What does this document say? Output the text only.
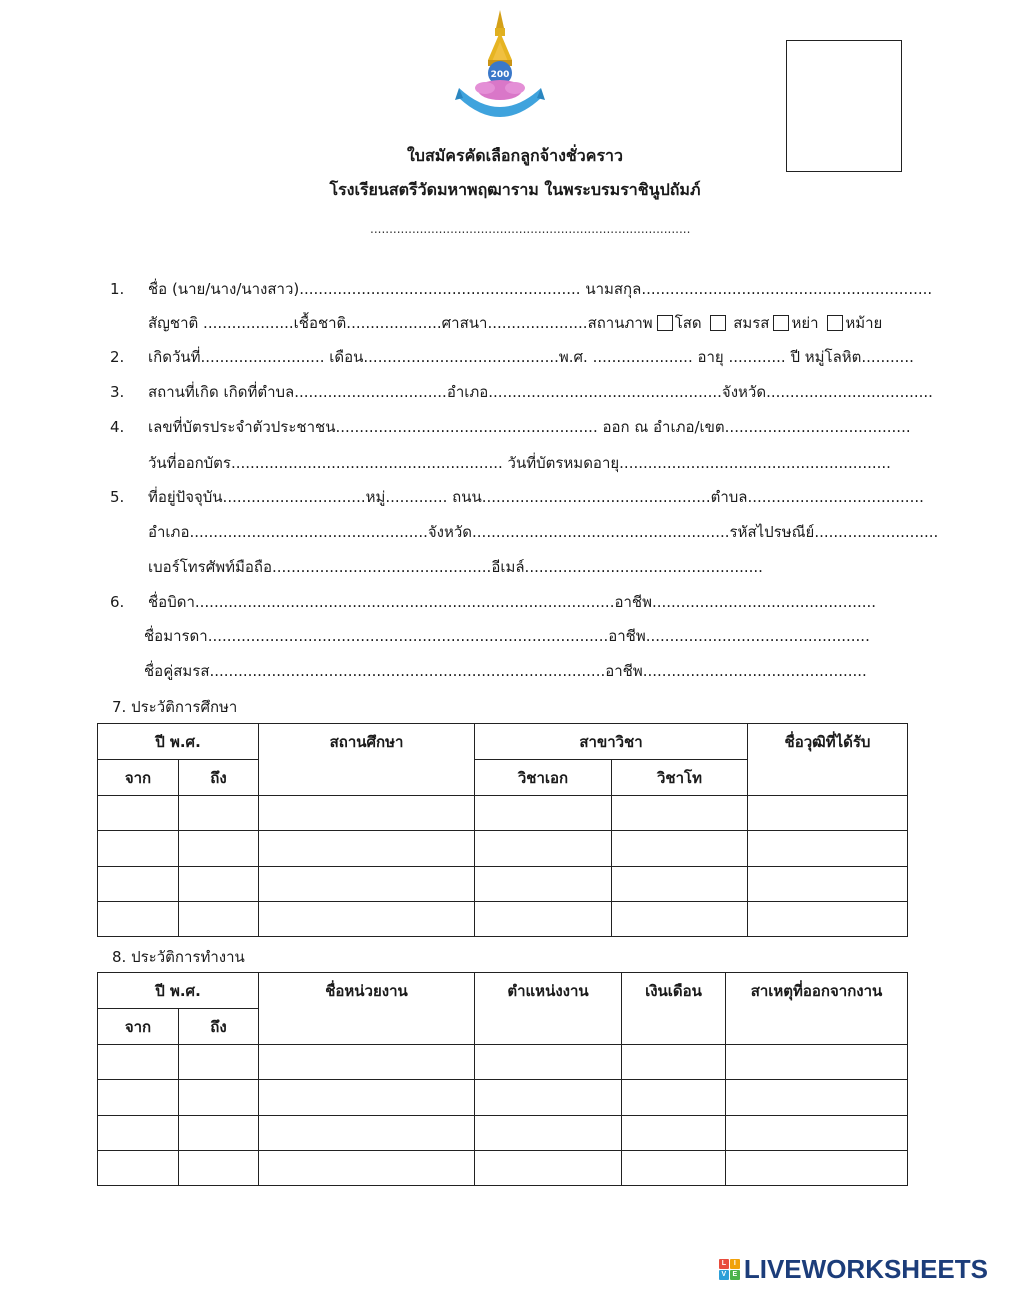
200
ใบสมัครคัดเลือกลูกจ้างชั่วคราว
โรงเรียนสตรีวัดมหาพฤฒาราม ในพระบรมราชินูปถัมภ์
....................................................................................
1.	ชื่อ (นาย/นาง/นางสาว)........................................................... นามสกุล.............................................................
สัญชาติ ...................เชื้อชาติ....................ศาสนา.....................สถานภาพ โสด สมรส หย่า หม้าย
2.	เกิดวันที่.......................... เดือน.........................................พ.ศ. ..................... อายุ ............ ปี หมู่โลหิต...........
3.	สถานที่เกิด เกิดที่ตำบล................................อำเภอ.................................................จังหวัด...................................
4.	เลขที่บัตรประจำตัวประชาชน....................................................... ออก ณ อำเภอ/เขต.......................................
วันที่ออกบัตร......................................................... วันที่บัตรหมดอายุ.........................................................
5.	ที่อยู่ปัจจุบัน..............................หมู่............. ถนน................................................ตำบล.....................................
อำเภอ..................................................จังหวัด......................................................รหัสไปรษณีย์..........................
เบอร์โทรศัพท์มือถือ..............................................อีเมล์..................................................
6.	ชื่อบิดา........................................................................................อาชีพ...............................................
ชื่อมารดา....................................................................................อาชีพ...............................................
ชื่อคู่สมรส...................................................................................อาชีพ...............................................
7. ประวัติการศึกษา
ปี พ.ศ.		สถานศึกษา	สาขาวิชา		ชื่อวุฒิที่ได้รับ
จาก	ถึง		วิชาเอก	วิชาโท	

8. ประวัติการทำงาน
ปี พ.ศ.		ชื่อหน่วยงาน	ตำแหน่งงาน	เงินเดือน	สาเหตุที่ออกจากงาน
จาก	ถึง				

L	I
V E LIVEWORKSHEETS
